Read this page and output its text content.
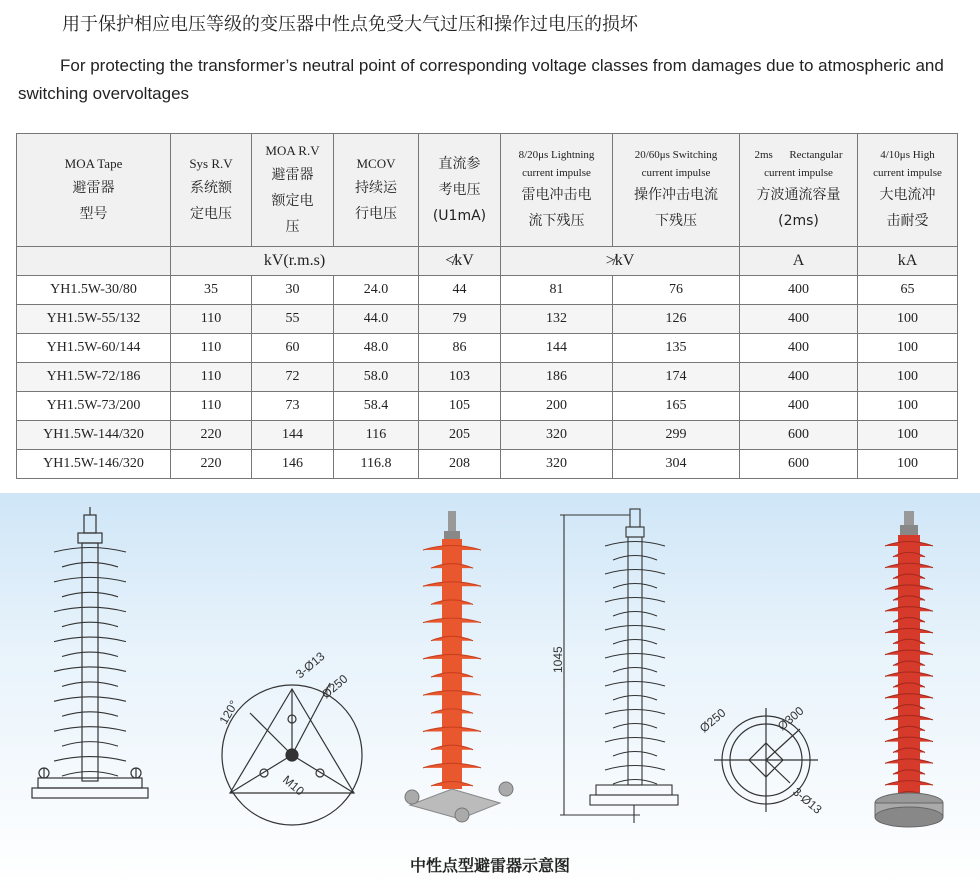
用于保护相应电压等级的变压器中性点免受大气过压和操作过电压的损坏
For protecting the transformer’s neutral point of corresponding voltage classes from damages due to atmospheric and switching overvoltages
MOA Tape
避雷器
型号	Sys R.V
系统额
定电压	MOA R.V
避雷器
额定电
压	MCOV
持续运
行电压	直流参
考电压
(U1mA)	8/20μs Lightning
current impulse
雷电冲击电
流下残压	20/60μs Switching
current impulse
操作冲击电流
下残压	2ms      Rectangular
current impulse
方波通流容量
(2ms)	4/10μs High
current impulse
大电流冲
击耐受

	kV(r.m.s)			≮kV	≯kV		A	kA
YH1.5W-30/80	35	30	24.0	44	81	76	400	65
YH1.5W-55/132	110	55	44.0	79	132	126	400	100
YH1.5W-60/144	110	60	48.0	86	144	135	400	100
YH1.5W-72/186	110	72	58.0	103	186	174	400	100
YH1.5W-73/200	110	73	58.4	105	200	165	400	100
YH1.5W-144/320	220	144	116	205	320	299	600	100
YH1.5W-146/320	220	146	116.8	208	320	304	600	100
3-Ø13
Ø250
120°
M10
1045
Ø250	Ø300
3-Ø13
中性点型避雷器示意图
